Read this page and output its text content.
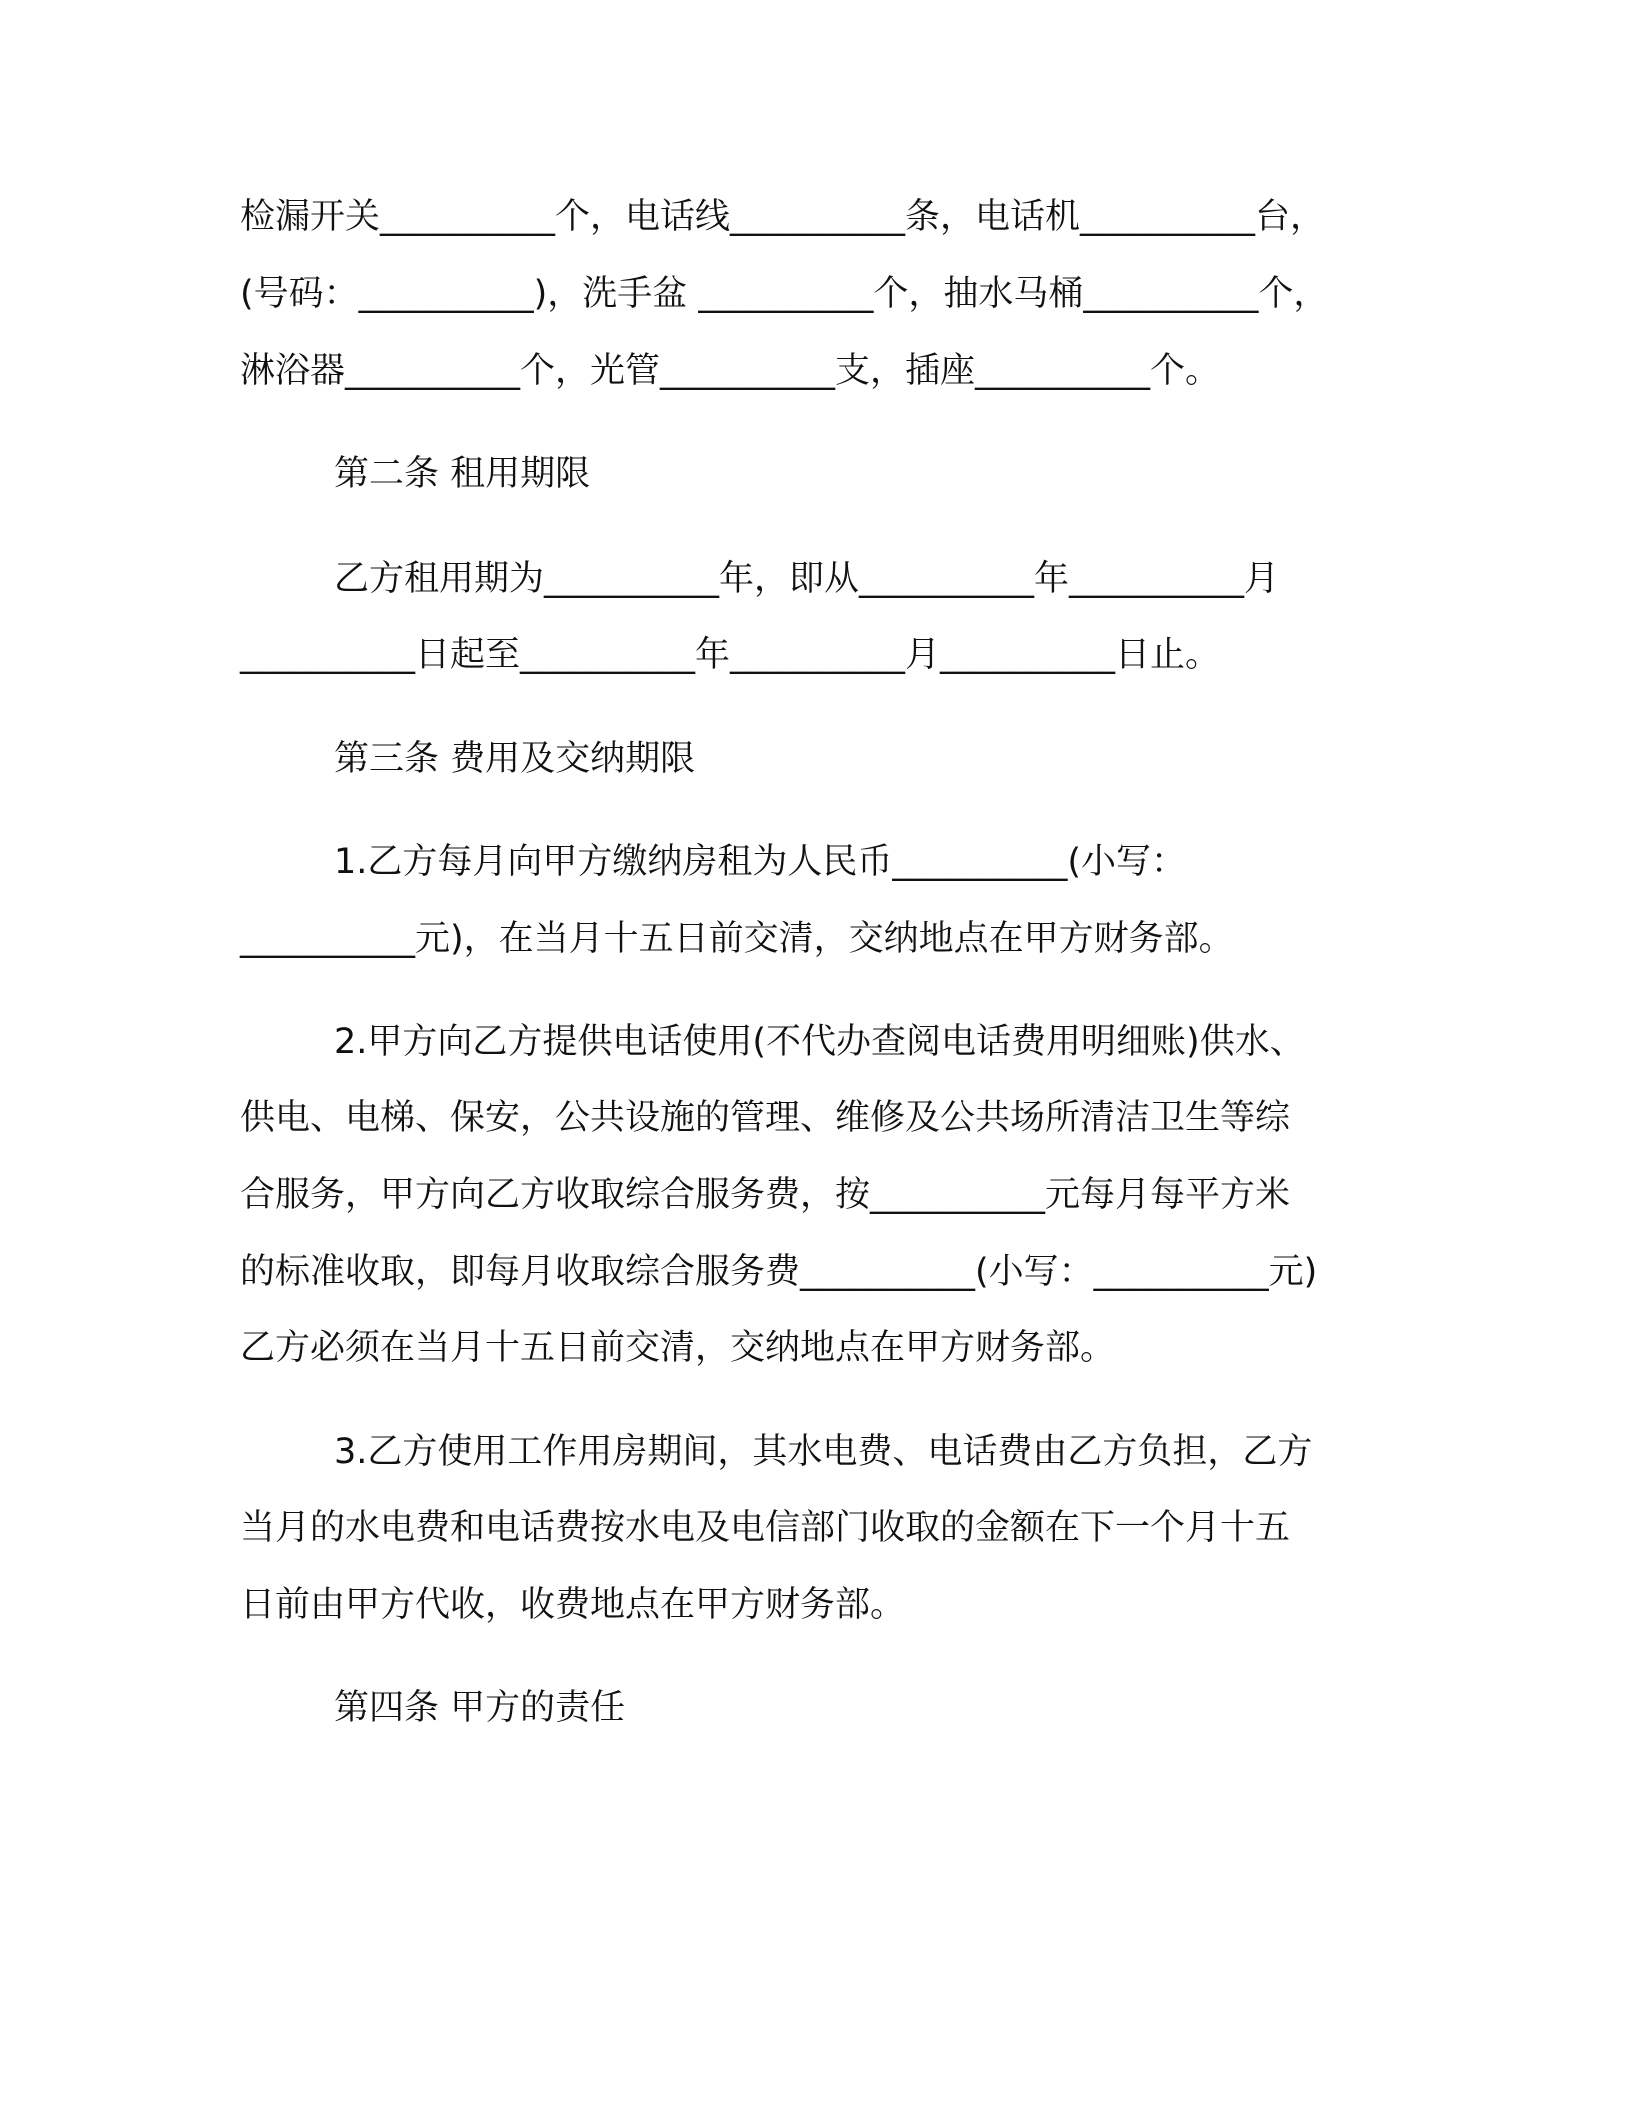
检漏开关__________个，电话线__________条，电话机__________台，

(号码：__________)，洗手盆 __________个，抽水马桶__________个，

淋浴器__________个，光管__________支，插座__________个。

第二条 租用期限

乙方租用期为__________年，即从__________年__________月

__________日起至__________年__________月__________日止。

第三条 费用及交纳期限

1.乙方每月向甲方缴纳房租为人民币__________(小写：

__________元)，在当月十五日前交清，交纳地点在甲方财务部。

2.甲方向乙方提供电话使用(不代办查阅电话费用明细账)供水、

供电、电梯、保安，公共设施的管理、维修及公共场所清洁卫生等综

合服务，甲方向乙方收取综合服务费，按__________元每月每平方米

的标准收取，即每月收取综合服务费__________(小写：__________元)

乙方必须在当月十五日前交清，交纳地点在甲方财务部。

3.乙方使用工作用房期间，其水电费、电话费由乙方负担，乙方

当月的水电费和电话费按水电及电信部门收取的金额在下一个月十五

日前由甲方代收，收费地点在甲方财务部。

第四条 甲方的责任
